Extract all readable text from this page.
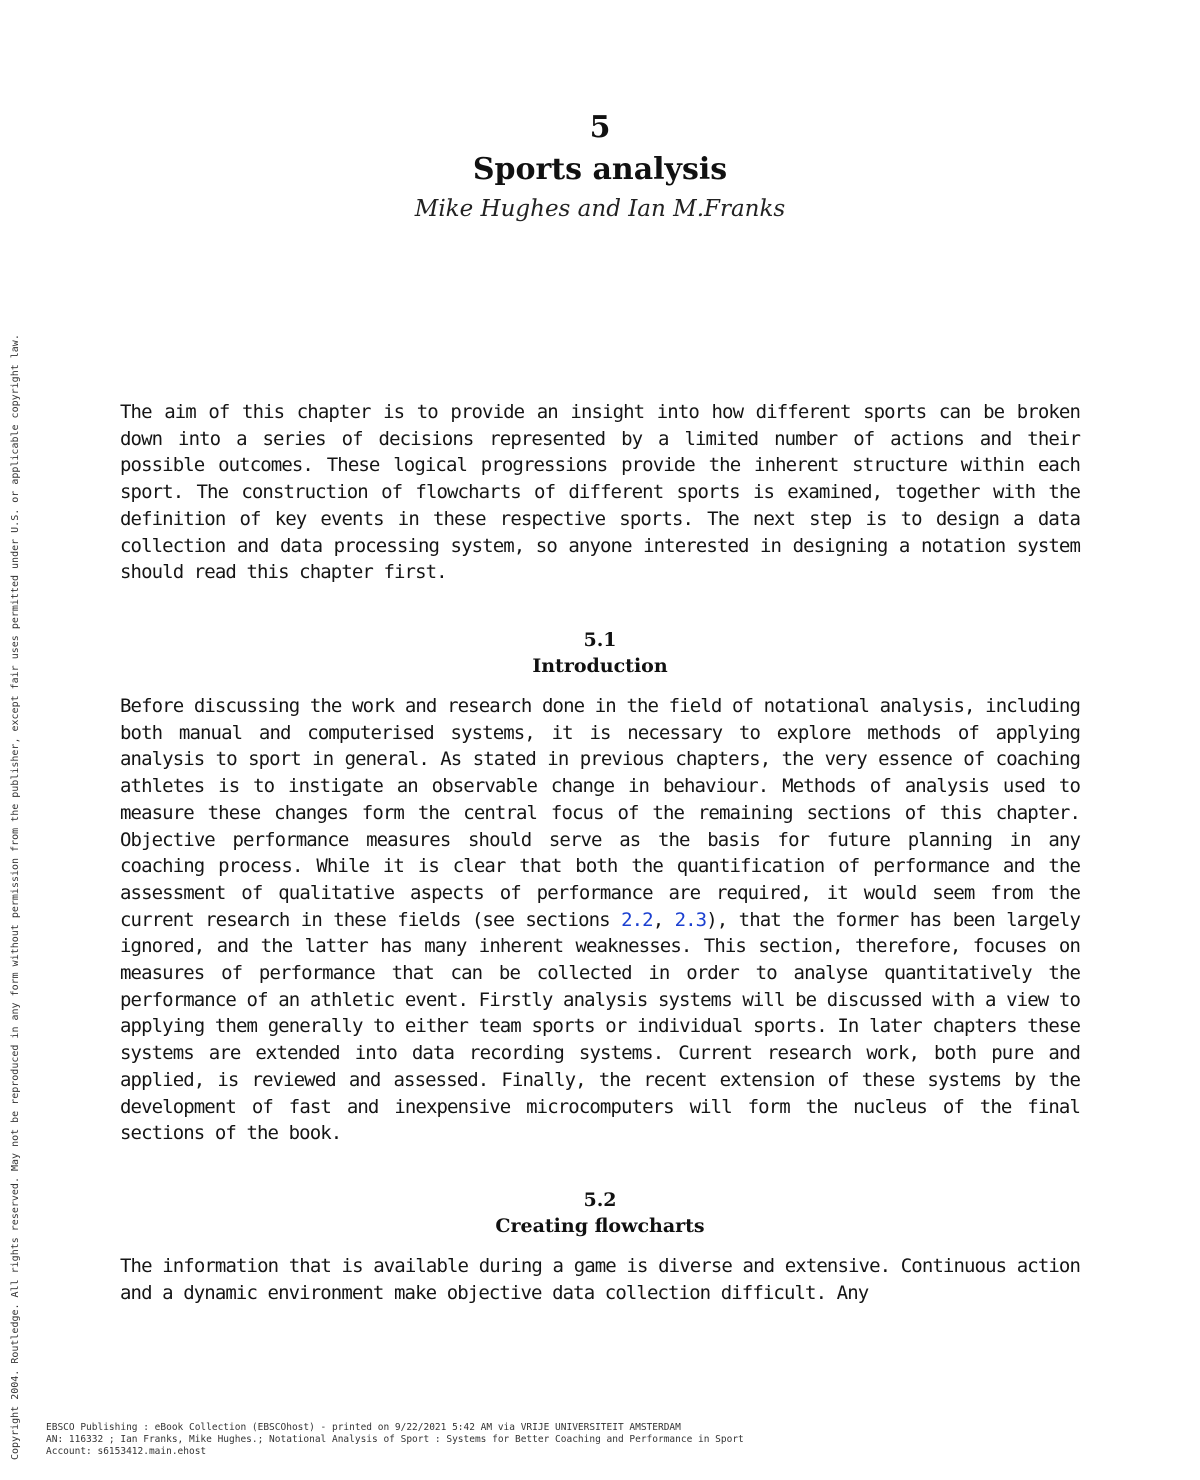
5
Sports analysis
Mike Hughes and Ian M.Franks

The aim of this chapter is to provide an insight into how different sports can be broken down into a series of decisions represented by a limited number of actions and their possible outcomes. These logical progressions provide the inherent structure within each sport. The construction of flowcharts of different sports is examined, together with the definition of key events in these respective sports. The next step is to design a data collection and data processing system, so anyone interested in designing a notation system should read this chapter first.

5.1
Introduction

Before discussing the work and research done in the field of notational analysis, including both manual and computerised systems, it is necessary to explore methods of applying analysis to sport in general. As stated in previous chapters, the very essence of coaching athletes is to instigate an observable change in behaviour. Methods of analysis used to measure these changes form the central focus of the remaining sections of this chapter. Objective performance measures should serve as the basis for future planning in any coaching process. While it is clear that both the quantification of performance and the assessment of qualitative aspects of performance are required, it would seem from the current research in these fields (see sections 2.2, 2.3), that the former has been largely ignored, and the latter has many inherent weaknesses. This section, therefore, focuses on measures of performance that can be collected in order to analyse quantitatively the performance of an athletic event. Firstly analysis systems will be discussed with a view to applying them generally to either team sports or individual sports. In later chapters these systems are extended into data recording systems. Current research work, both pure and applied, is reviewed and assessed. Finally, the recent extension of these systems by the development of fast and inexpensive microcomputers will form the nucleus of the final sections of the book.

5.2
Creating flowcharts

The information that is available during a game is diverse and extensive. Continuous action and a dynamic environment make objective data collection difficult. Any

Copyright 2004. Routledge. All rights reserved. May not be reproduced in any form without permission from the publisher, except fair uses permitted under U.S. or applicable copyright law.	EBSCO Publishing : eBook Collection (EBSCOhost) - printed on 9/22/2021 5:42 AM via VRIJE UNIVERSITEIT AMSTERDAM
AN: 116332 ; Ian Franks, Mike Hughes.; Notational Analysis of Sport : Systems for Better Coaching and Performance in Sport
Account: s6153412.main.ehost
